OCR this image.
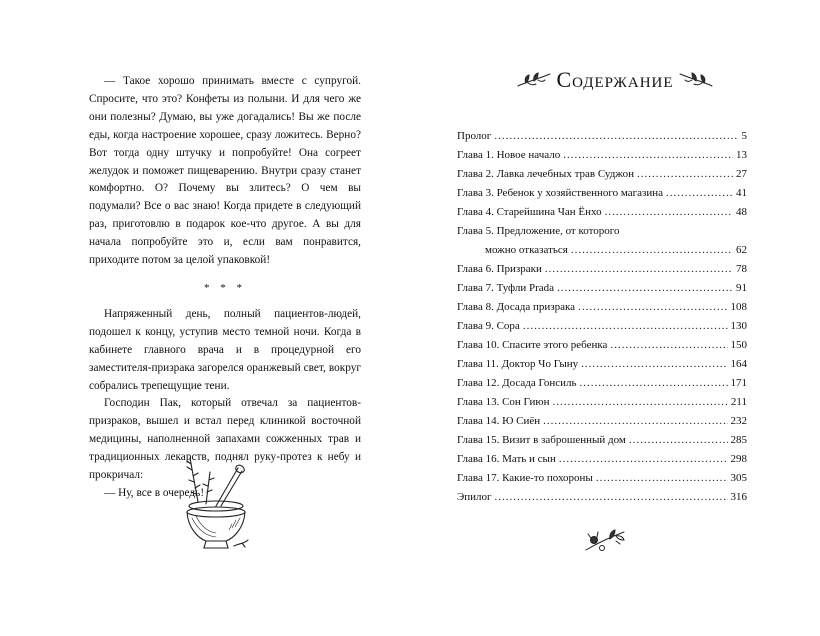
— Такое хорошо принимать вместе с супругой. Спросите, что это? Конфеты из полыни. И для чего же они полезны? Думаю, вы уже догадались! Вы же после еды, когда настроение хорошее, сразу ложитесь. Верно? Вот тогда одну штучку и попробуйте! Она согреет желудок и поможет пищеварению. Внутри сразу станет комфортно. О? Почему вы злитесь? О чем вы подумали? Все о вас знаю! Когда придете в следующий раз, приготовлю в подарок кое-что другое. А вы для начала попробуйте это и, если вам понравится, приходите потом за целой упаковкой!

* * *

Напряженный день, полный пациентов-людей, подошел к концу, уступив место темной ночи. Когда в кабинете главного врача и в процедурной его заместителя-призрака загорелся оранжевый свет, вокруг собрались трепещущие тени.

Господин Пак, который отвечал за пациентов-призраков, вышел и встал перед клиникой восточной медицины, наполненной запахами сожженных трав и традиционных лекарств, поднял руку-протез к небу и прокричал:

— Ну, все в очередь!

Содержание
Пролог .....	5
Глава 1. Новое начало .....	13
Глава 2. Лавка лечебных трав Суджон .....	27
Глава 3. Ребенок у хозяйственного магазина .....	41
Глава 4. Старейшина Чан Ёнхо .....	48
Глава 5. Предложение, от которого
можно отказаться .....	62
Глава 6. Призраки .....	78
Глава 7. Туфли Prada .....	91
Глава 8. Досада призрака .....	108
Глава 9. Сора .....	130
Глава 10. Спасите этого ребенка .....	150
Глава 11. Доктор Чо Гыну .....	164
Глава 12. Досада Гонсиль .....	171
Глава 13. Сон Гиюн .....	211
Глава 14. Ю Сиён .....	232
Глава 15. Визит в заброшенный дом .....	285
Глава 16. Мать и сын .....	298
Глава 17. Какие-то похороны .....	305
Эпилог .....	316
